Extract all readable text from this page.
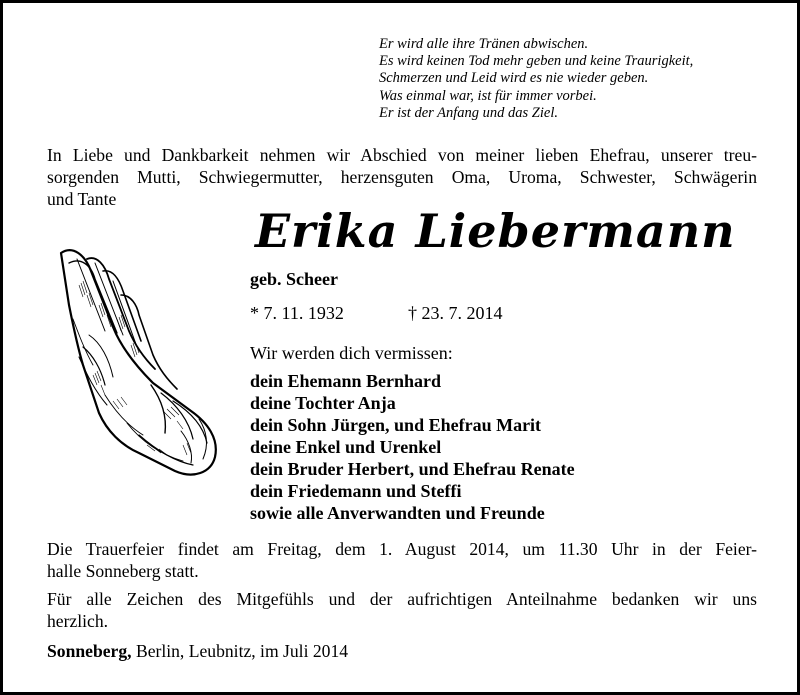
Er wird alle ihre Tränen abwischen.
Es wird keinen Tod mehr geben und keine Traurigkeit,
Schmerzen und Leid wird es nie wieder geben.
Was einmal war, ist für immer vorbei.
Er ist der Anfang und das Ziel.
In Liebe und Dankbarkeit nehmen wir Abschied von meiner lieben Ehefrau, unserer treu-
sorgenden Mutti, Schwiegermutter, herzensguten Oma, Uroma, Schwester, Schwägerin
und Tante
Erika Liebermann
geb. Scheer
* 7. 11. 1932	† 23. 7. 2014
Wir werden dich vermissen:
dein Ehemann Bernhard
deine Tochter Anja
dein Sohn Jürgen, und Ehefrau Marit
deine Enkel und Urenkel
dein Bruder Herbert, und Ehefrau Renate
dein Friedemann und Steffi
sowie alle Anverwandten und Freunde
Die Trauerfeier findet am Freitag, dem 1. August 2014, um 11.30 Uhr in der Feier-
halle Sonneberg statt.
Für alle Zeichen des Mitgefühls und der aufrichtigen Anteilnahme bedanken wir uns
herzlich.
Sonneberg, Berlin, Leubnitz, im Juli 2014
